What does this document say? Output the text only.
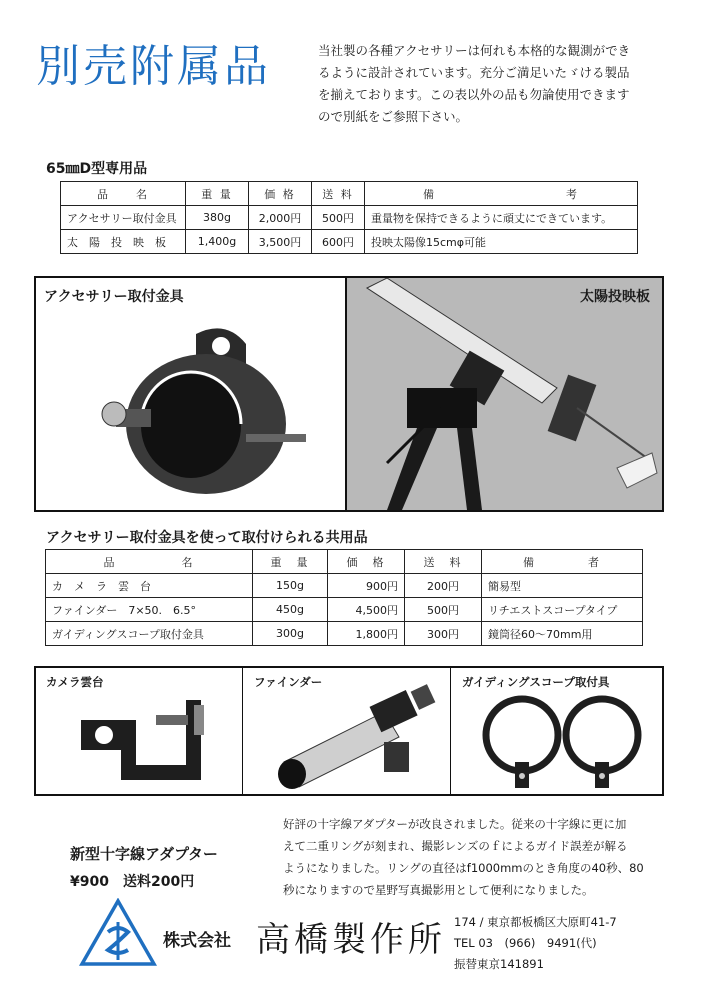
別売附属品	当社製の各種アクセサリーは何れも本格的な観測ができ
るように設計されています。充分ご満足いたゞける製品
を揃えております。この表以外の品も勿論使用できます
ので別紙をご参照下さい。
65㎜D型専用品
品　　名	重 量	価 格	送 料	備　　　　　　　　　　考
アクセサリー取付金具	380g	2,000円	500円	重量物を保持できるように頑丈にできています。
太　陽　投　映　板	1,400g	3,500円	600円	投映太陽像15cmφ可能
アクセサリー取付金具	太陽投映板
アクセサリー取付金具を使って取付けられる共用品
品　　　　　名	重　量	価　格	送　料	備　　　　者
カ　メ　ラ　雲　台	150g	900円	200円	簡易型
ファインダー　7×50.　6.5°	450g	4,500円	500円	リチエストスコープタイプ
ガイディングスコープ取付金具	300g	1,800円	300円	鏡筒径60～70mm用
カメラ雲台	ファインダー	ガイディングスコープ取付具
好評の十字線アダプターが改良されました。従来の十字線に更に加
えて二重リングが刻まれ、撮影レンズのｆによるガイド誤差が解る
ようになりました。リングの直径はf1000mmのとき角度の40秒、80
秒になりますので星野写真撮影用として便利になりました。
新型十字線アダプター
¥900　送料200円
株式会社 高橋製作所 174 / 東京都板橋区大原町41-7
TEL 03　(966)　9491(代)
振替東京141891
